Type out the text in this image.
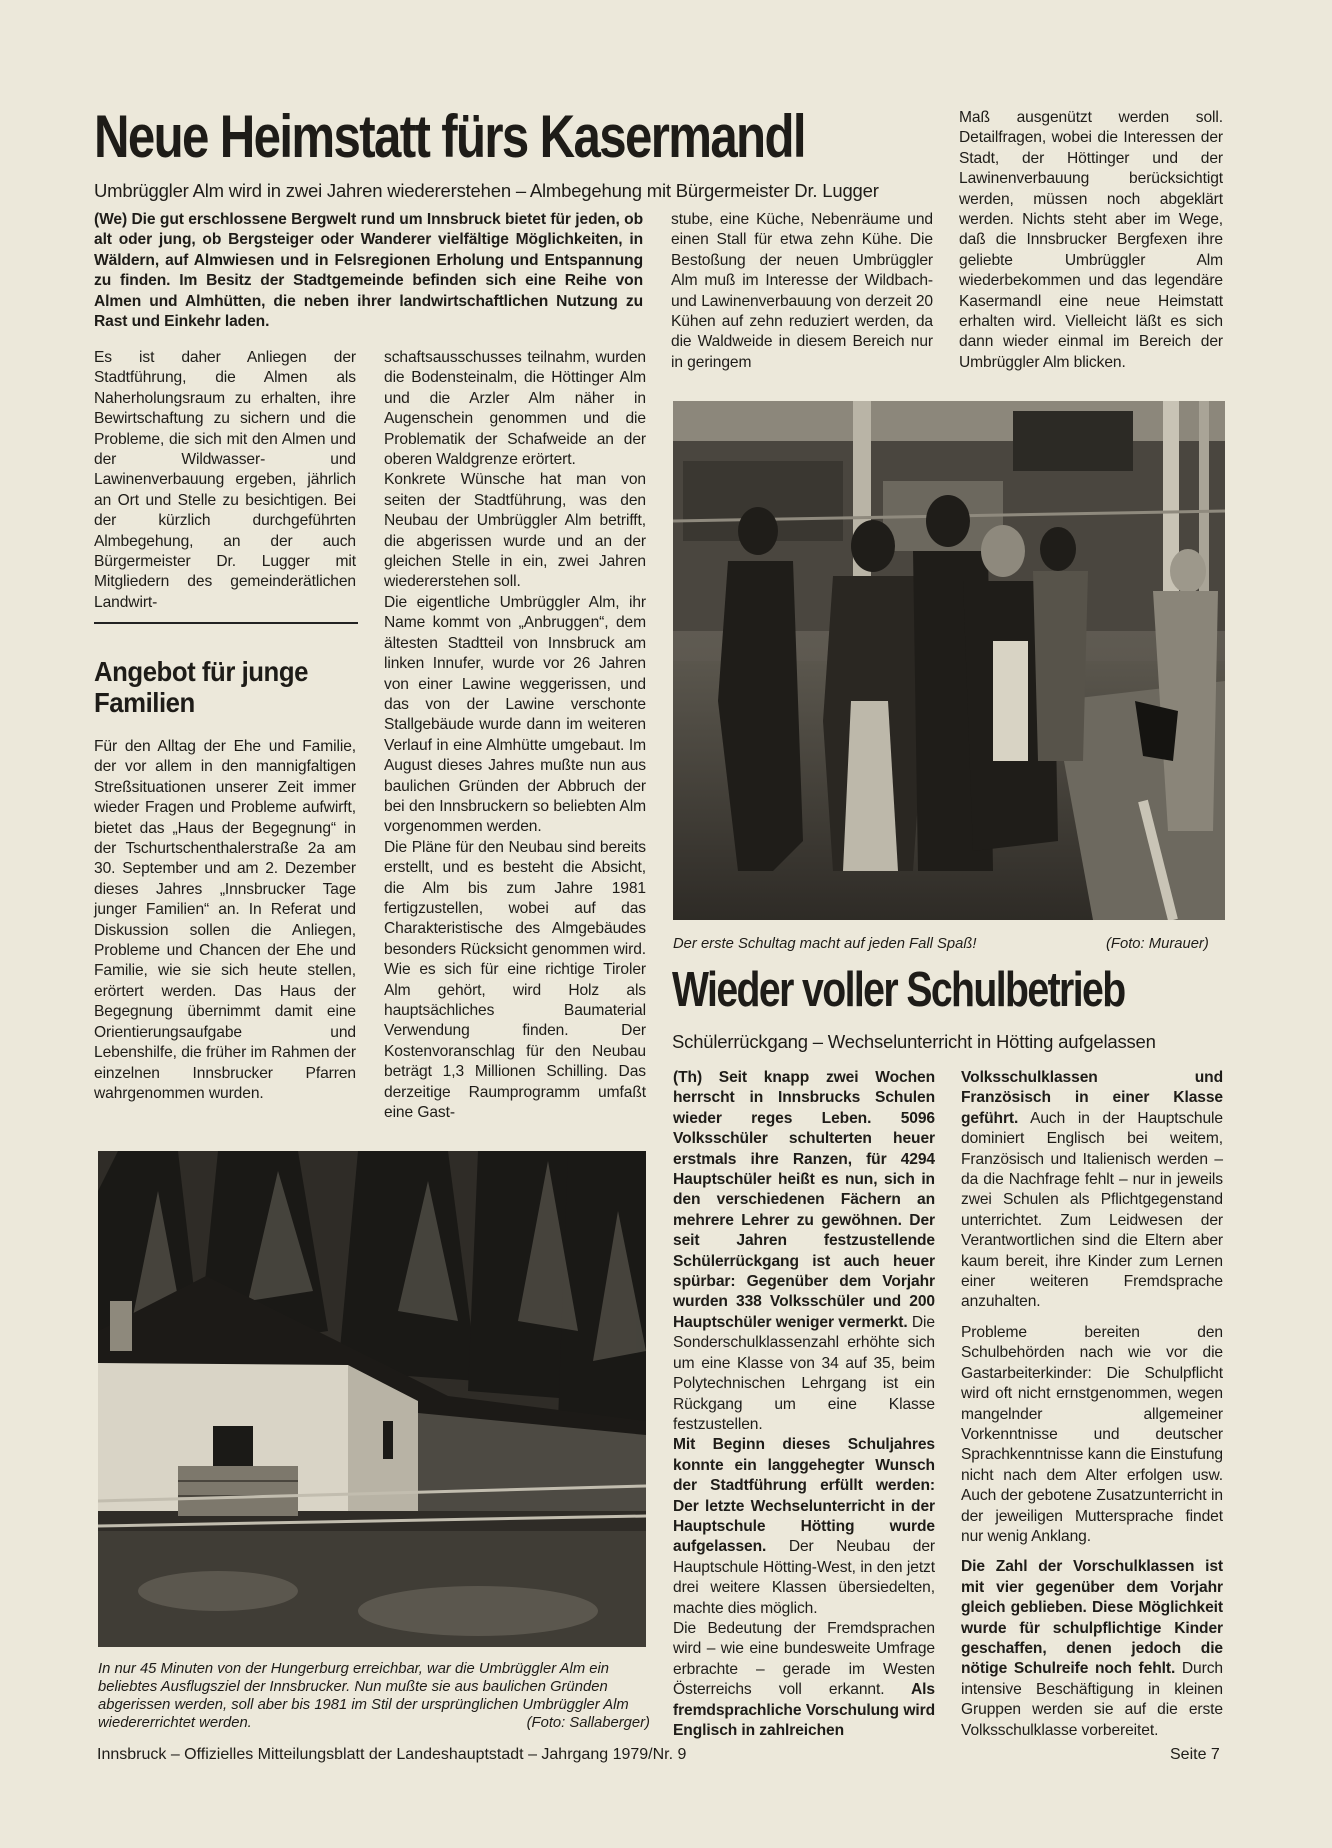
Neue Heimstatt fürs Kasermandl
Umbrüggler Alm wird in zwei Jahren wiedererstehen – Almbegehung mit Bürgermeister Dr. Lugger
(We) Die gut erschlossene Bergwelt rund um Innsbruck bietet für jeden, ob alt oder jung, ob Bergsteiger oder Wanderer vielfältige Möglichkeiten, in Wäldern, auf Almwiesen und in Felsregionen Erholung und Entspannung zu finden. Im Besitz der Stadtgemeinde befinden sich eine Reihe von Almen und Almhütten, die neben ihrer landwirtschaftlichen Nutzung zu Rast und Einkehr laden.
Es ist daher Anliegen der Stadtführung, die Almen als Naherholungsraum zu erhalten, ihre Bewirtschaftung zu sichern und die Probleme, die sich mit den Almen und der Wildwasser- und Lawinenverbauung ergeben, jährlich an Ort und Stelle zu besichtigen. Bei der kürzlich durchgeführten Almbegehung, an der auch Bürgermeister Dr. Lugger mit Mitgliedern des gemeinderätlichen Landwirt-
Angebot für junge Familien
Für den Alltag der Ehe und Familie, der vor allem in den mannigfaltigen Streßsituationen unserer Zeit immer wieder Fragen und Probleme aufwirft, bietet das „Haus der Begegnung“ in der Tschurtschenthalerstraße 2a am 30. September und am 2. Dezember dieses Jahres „Innsbrucker Tage junger Familien“ an. In Referat und Diskussion sollen die Anliegen, Probleme und Chancen der Ehe und Familie, wie sie sich heute stellen, erörtert werden. Das Haus der Begegnung übernimmt damit eine Orientierungsaufgabe und Lebenshilfe, die früher im Rahmen der einzelnen Innsbrucker Pfarren wahrgenommen wurden.

schaftsausschusses teilnahm, wurden die Bodensteinalm, die Höttinger Alm und die Arzler Alm näher in Augenschein genommen und die Problematik der Schafweide an der oberen Waldgrenze erörtert.

Konkrete Wünsche hat man von seiten der Stadtführung, was den Neubau der Umbrüggler Alm betrifft, die abgerissen wurde und an der gleichen Stelle in ein, zwei Jahren wiedererstehen soll.

Die eigentliche Umbrüggler Alm, ihr Name kommt von „Anbruggen“, dem ältesten Stadtteil von Innsbruck am linken Innufer, wurde vor 26 Jahren von einer Lawine weggerissen, und das von der Lawine verschonte Stallgebäude wurde dann im weiteren Verlauf in eine Almhütte umgebaut. Im August dieses Jahres mußte nun aus baulichen Gründen der Abbruch der bei den Innsbruckern so beliebten Alm vorgenommen werden.

Die Pläne für den Neubau sind bereits erstellt, und es besteht die Absicht, die Alm bis zum Jahre 1981 fertigzustellen, wobei auf das Charakteristische des Almgebäudes besonders Rücksicht genommen wird. Wie es sich für eine richtige Tiroler Alm gehört, wird Holz als hauptsächliches Baumaterial Verwendung finden. Der Kostenvoranschlag für den Neubau beträgt 1,3 Millionen Schilling. Das derzeitige Raumprogramm umfaßt eine Gast-

stube, eine Küche, Nebenräume und einen Stall für etwa zehn Kühe. Die Bestoßung der neuen Umbrüggler Alm muß im Interesse der Wildbach- und Lawinenverbauung von derzeit 20 Kühen auf zehn reduziert werden, da die Waldweide in diesem Bereich nur in geringem
Maß ausgenützt werden soll. Detailfragen, wobei die Interessen der Stadt, der Höttinger und der Lawinenverbauung berücksichtigt werden, müssen noch abgeklärt werden. Nichts steht aber im Wege, daß die Innsbrucker Bergfexen ihre geliebte Umbrüggler Alm wiederbekommen und das legendäre Kasermandl eine neue Heimstatt erhalten wird. Vielleicht läßt es sich dann wieder einmal im Bereich der Umbrüggler Alm blicken.
Der erste Schultag macht auf jeden Fall Spaß!	(Foto: Murauer)
Wieder voller Schulbetrieb
Schülerrückgang – Wechselunterricht in Hötting aufgelassen

(Th) Seit knapp zwei Wochen herrscht in Innsbrucks Schulen wieder reges Leben. 5096 Volksschüler schulterten heuer erstmals ihre Ranzen, für 4294 Hauptschüler heißt es nun, sich in den verschiedenen Fächern an mehrere Lehrer zu gewöhnen. Der seit Jahren festzustellende Schülerrückgang ist auch heuer spürbar: Gegenüber dem Vorjahr wurden 338 Volksschüler und 200 Hauptschüler weniger vermerkt. Die Sonderschulklassenzahl erhöhte sich um eine Klasse von 34 auf 35, beim Polytechnischen Lehrgang ist ein Rückgang um eine Klasse festzustellen.

Mit Beginn dieses Schuljahres konnte ein langgehegter Wunsch der Stadtführung erfüllt werden: Der letzte Wechselunterricht in der Hauptschule Hötting wurde aufgelassen. Der Neubau der Hauptschule Hötting-West, in den jetzt drei weitere Klassen übersiedelten, machte dies möglich.

Die Bedeutung der Fremdsprachen wird – wie eine bundesweite Umfrage erbrachte – gerade im Westen Österreichs voll erkannt. Als fremdsprachliche Vorschulung wird Englisch in zahlreichen

Volksschulklassen und Französisch in einer Klasse geführt. Auch in der Hauptschule dominiert Englisch bei weitem, Französisch und Italienisch werden – da die Nachfrage fehlt – nur in jeweils zwei Schulen als Pflichtgegenstand unterrichtet. Zum Leidwesen der Verantwortlichen sind die Eltern aber kaum bereit, ihre Kinder zum Lernen einer weiteren Fremdsprache anzuhalten.

Probleme bereiten den Schulbehörden nach wie vor die Gastarbeiterkinder: Die Schulpflicht wird oft nicht ernstgenommen, wegen mangelnder allgemeiner Vorkenntnisse und deutscher Sprachkenntnisse kann die Einstufung nicht nach dem Alter erfolgen usw. Auch der gebotene Zusatzunterricht in der jeweiligen Muttersprache findet nur wenig Anklang.

Die Zahl der Vorschulklassen ist mit vier gegenüber dem Vorjahr gleich geblieben. Diese Möglichkeit wurde für schulpflichtige Kinder geschaffen, denen jedoch die nötige Schulreife noch fehlt. Durch intensive Beschäftigung in kleinen Gruppen werden sie auf die erste Volksschulklasse vorbereitet.

In nur 45 Minuten von der Hungerburg erreichbar, war die Umbrüggler Alm ein beliebtes Ausflugsziel der Innsbrucker. Nun mußte sie aus baulichen Gründen abgerissen werden, soll aber bis 1981 im Stil der ursprünglichen Umbrüggler Alm wiedererrichtet werden.	(Foto: Sallaberger)
Innsbruck – Offizielles Mitteilungsblatt der Landeshauptstadt – Jahrgang 1979/Nr. 9	Seite 7
